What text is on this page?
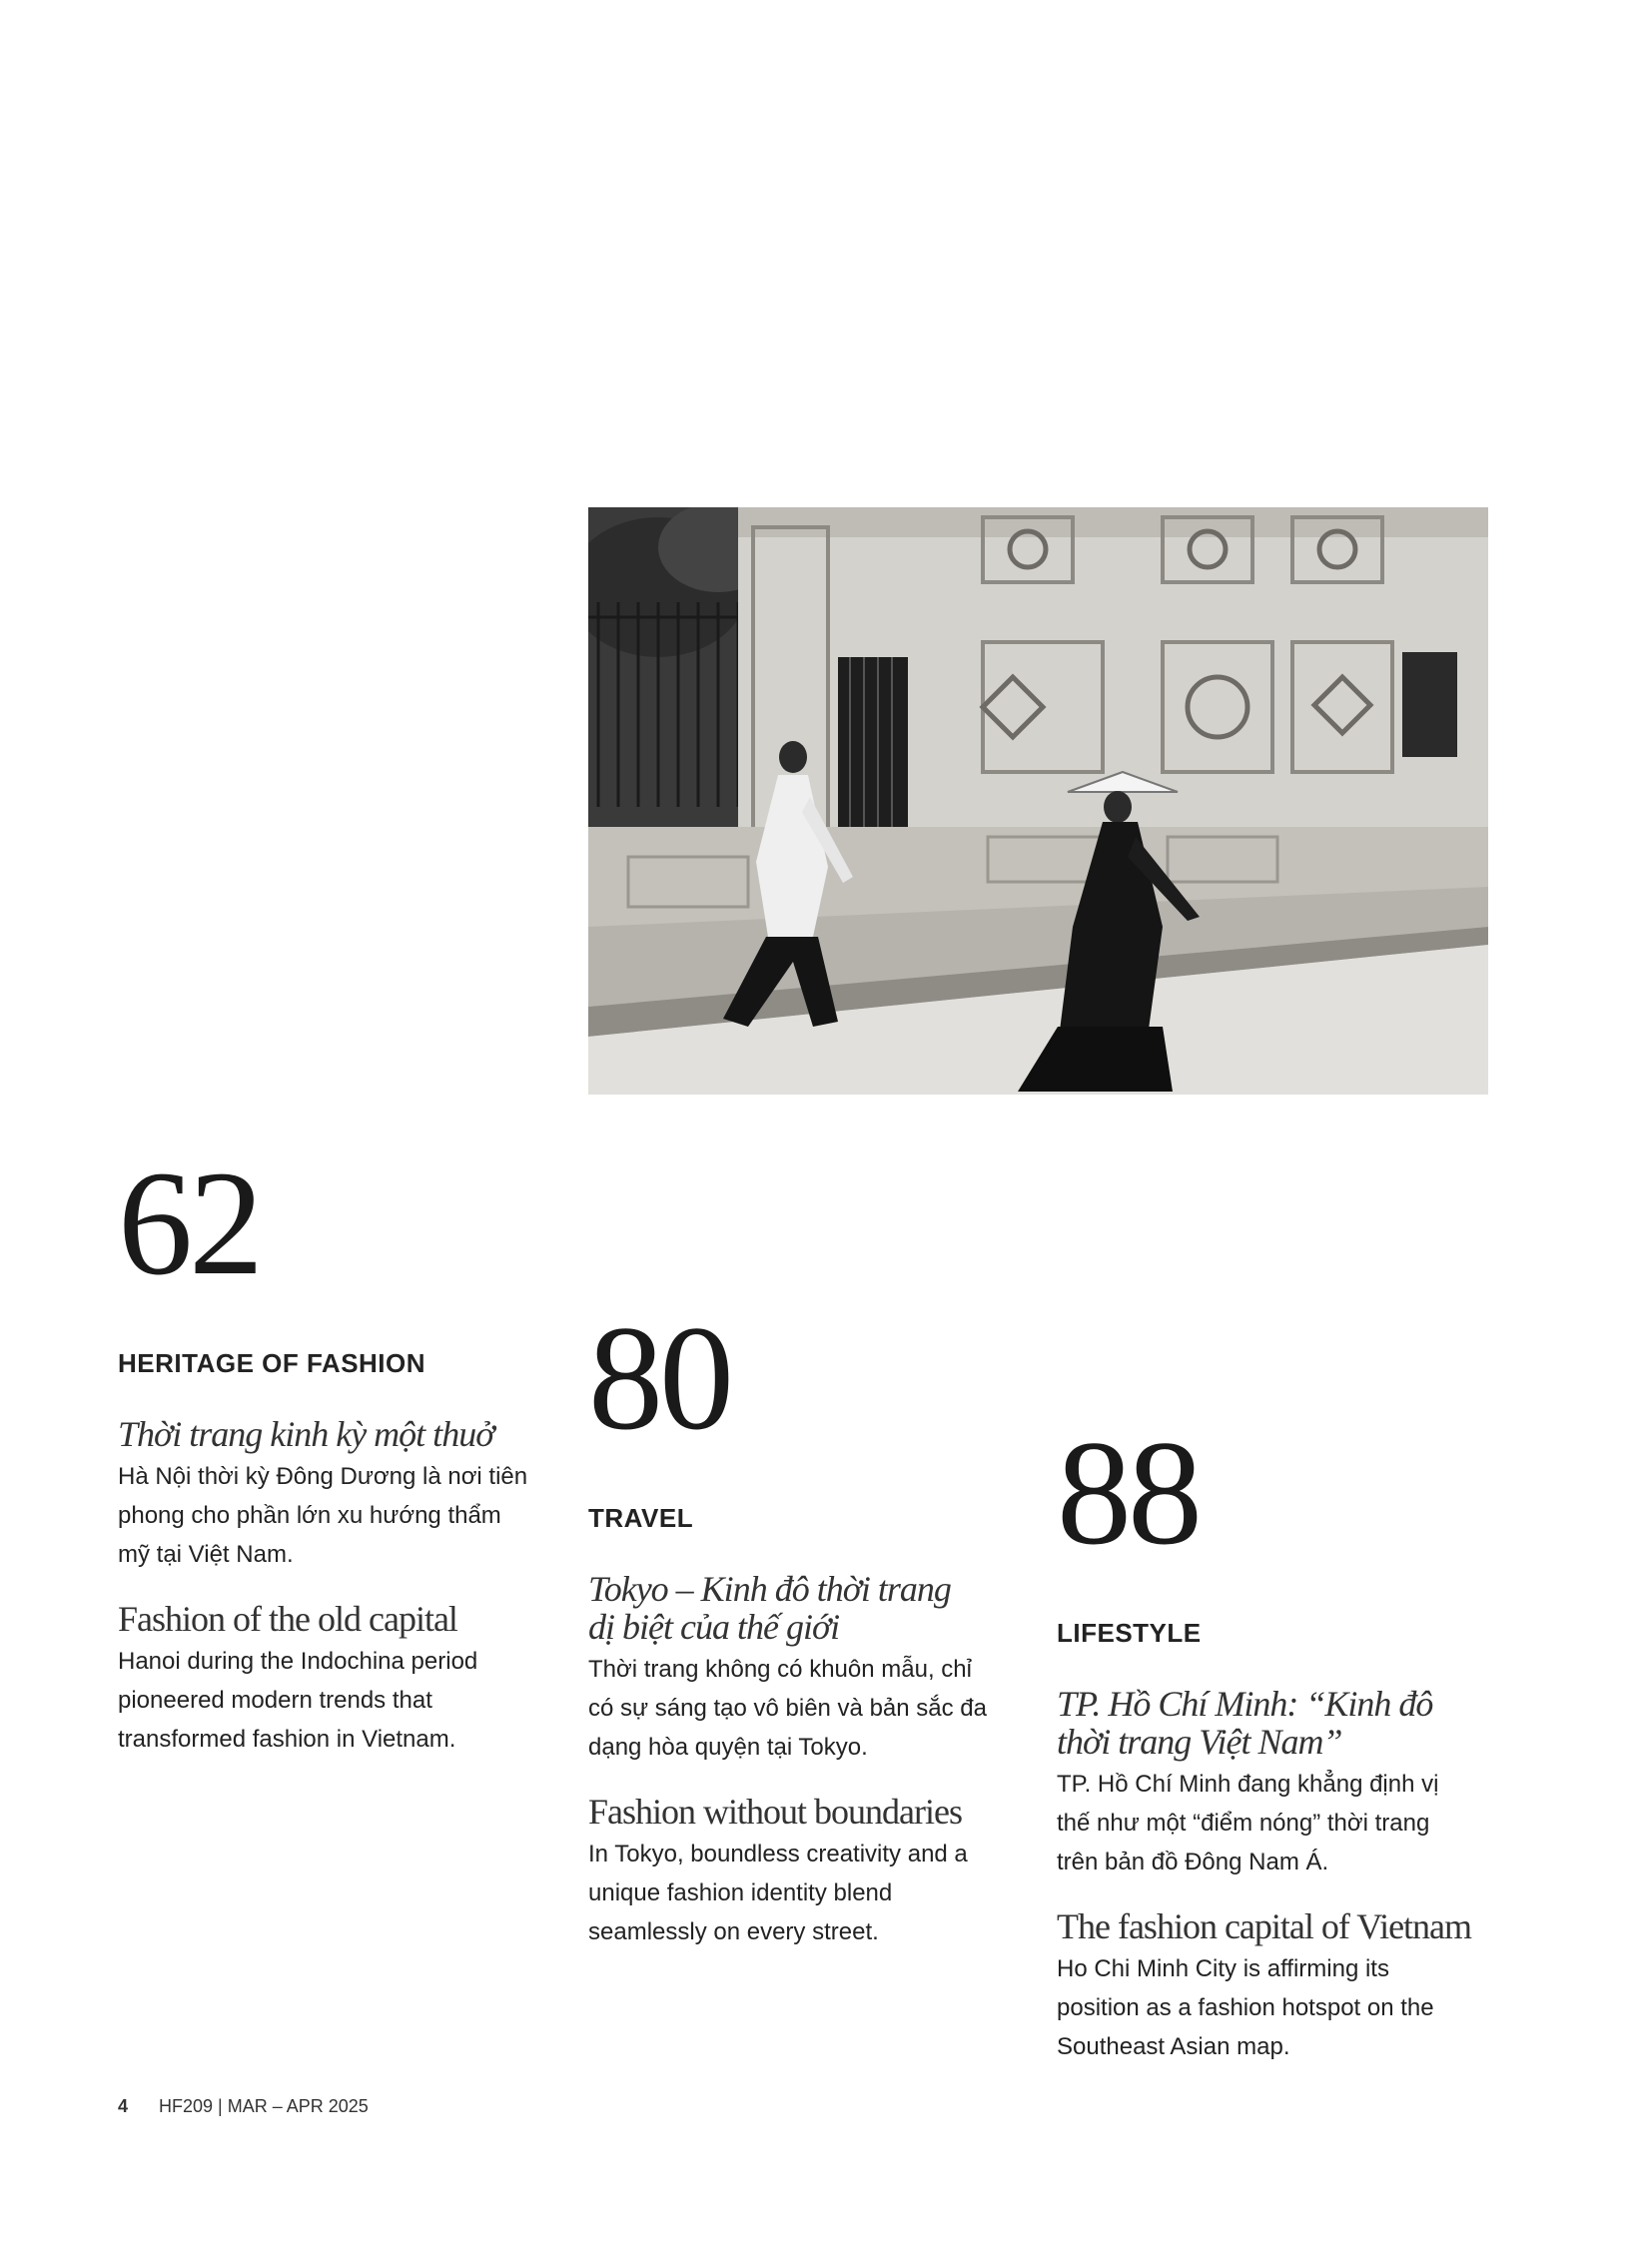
62

HERITAGE OF FASHION

Thời trang kinh kỳ một thuở

Hà Nội thời kỳ Đông Dương là nơi tiên phong cho phần lớn xu hướng thẩm mỹ tại Việt Nam.

Fashion of the old capital

Hanoi during the Indochina period pioneered modern trends that transformed fashion in Vietnam.

80

TRAVEL

Tokyo – Kinh đô thời trang dị biệt của thế giới

Thời trang không có khuôn mẫu, chỉ có sự sáng tạo vô biên và bản sắc đa dạng hòa quyện tại Tokyo.

Fashion without boundaries

In Tokyo, boundless creativity and a unique fashion identity blend seamlessly on every street.

88

LIFESTYLE

TP. Hồ Chí Minh: “Kinh đô thời trang Việt Nam”

TP. Hồ Chí Minh đang khẳng định vị thế như một “điểm nóng” thời trang trên bản đồ Đông Nam Á.

The fashion capital of Vietnam

Ho Chi Minh City is affirming its position as a fashion hotspot on the Southeast Asian map.

4 HF209 | MAR – APR 2025
